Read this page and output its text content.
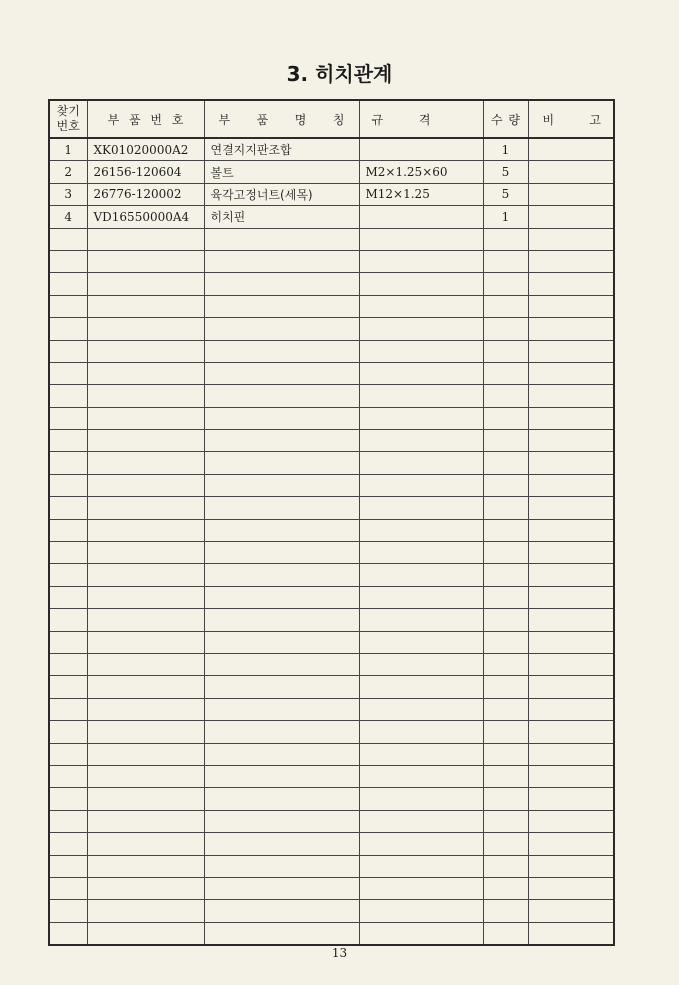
3. 히치관계
찾기
번호	부 품 번 호	부 품 명 칭	규 격	수 량	비 고
1	XK01020000A2	연결지지판조합		1	
2	26156-120604	볼트	M2×1.25×60	5	
3	26776-120002	육각고정너트(세목)	M12×1.25	5	
4	VD16550000A4	히치핀		1	

13
